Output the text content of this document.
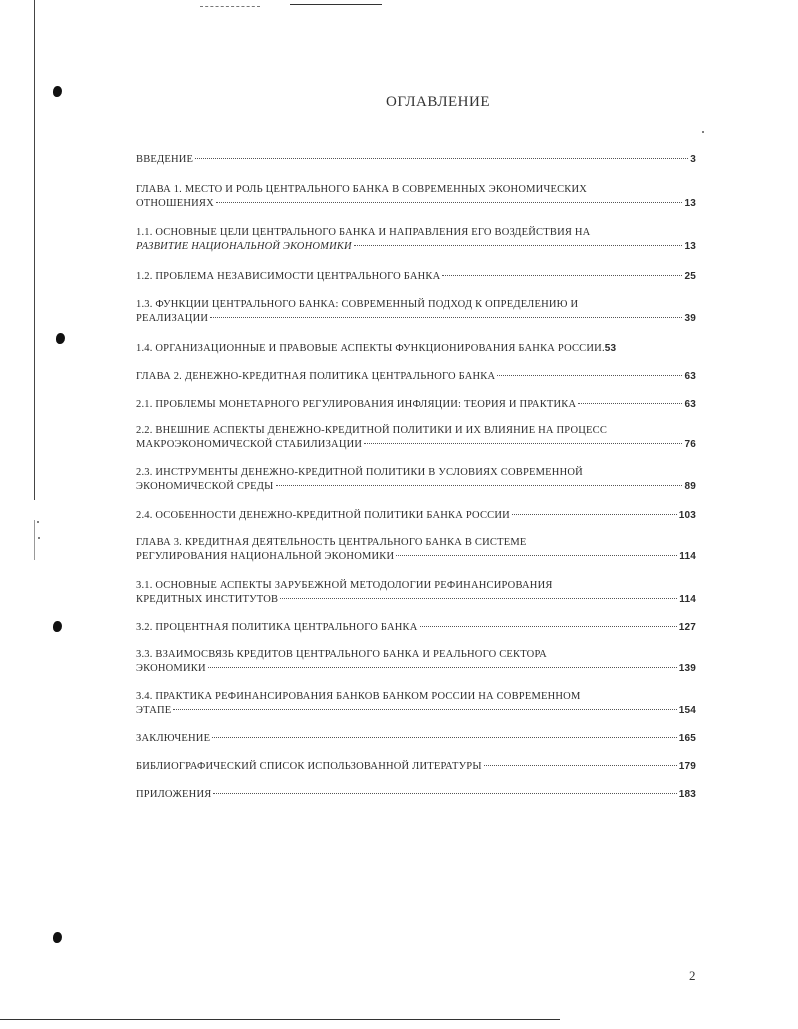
ОГЛАВЛЕНИЕ
ВВЕДЕНИЕ	3
ГЛАВА 1. МЕСТО И РОЛЬ ЦЕНТРАЛЬНОГО БАНКА В СОВРЕМЕННЫХ ЭКОНОМИЧЕСКИХ
ОТНОШЕНИЯХ	13
1.1. ОСНОВНЫЕ ЦЕЛИ ЦЕНТРАЛЬНОГО БАНКА И НАПРАВЛЕНИЯ ЕГО ВОЗДЕЙСТВИЯ НА
РАЗВИТИЕ НАЦИОНАЛЬНОЙ ЭКОНОМИКИ	13
1.2. ПРОБЛЕМА НЕЗАВИСИМОСТИ ЦЕНТРАЛЬНОГО БАНКА	25
1.3. ФУНКЦИИ ЦЕНТРАЛЬНОГО БАНКА: СОВРЕМЕННЫЙ ПОДХОД К ОПРЕДЕЛЕНИЮ И
РЕАЛИЗАЦИИ	39
1.4. ОРГАНИЗАЦИОННЫЕ И ПРАВОВЫЕ АСПЕКТЫ ФУНКЦИОНИРОВАНИЯ БАНКА РОССИИ. 53
ГЛАВА 2. ДЕНЕЖНО-КРЕДИТНАЯ ПОЛИТИКА ЦЕНТРАЛЬНОГО БАНКА	63
2.1. ПРОБЛЕМЫ МОНЕТАРНОГО РЕГУЛИРОВАНИЯ ИНФЛЯЦИИ: ТЕОРИЯ И ПРАКТИКА	63
2.2. ВНЕШНИЕ АСПЕКТЫ ДЕНЕЖНО-КРЕДИТНОЙ ПОЛИТИКИ И ИХ ВЛИЯНИЕ НА ПРОЦЕСС
МАКРОЭКОНОМИЧЕСКОЙ СТАБИЛИЗАЦИИ	76
2.3. ИНСТРУМЕНТЫ ДЕНЕЖНО-КРЕДИТНОЙ ПОЛИТИКИ В УСЛОВИЯХ СОВРЕМЕННОЙ
ЭКОНОМИЧЕСКОЙ СРЕДЫ	89
2.4. ОСОБЕННОСТИ ДЕНЕЖНО-КРЕДИТНОЙ ПОЛИТИКИ БАНКА РОССИИ	103
ГЛАВА 3. КРЕДИТНАЯ ДЕЯТЕЛЬНОСТЬ ЦЕНТРАЛЬНОГО БАНКА В СИСТЕМЕ
РЕГУЛИРОВАНИЯ НАЦИОНАЛЬНОЙ ЭКОНОМИКИ	114
3.1. ОСНОВНЫЕ АСПЕКТЫ ЗАРУБЕЖНОЙ МЕТОДОЛОГИИ РЕФИНАНСИРОВАНИЯ
КРЕДИТНЫХ ИНСТИТУТОВ	114
3.2. ПРОЦЕНТНАЯ ПОЛИТИКА ЦЕНТРАЛЬНОГО БАНКА	127
3.3. ВЗАИМОСВЯЗЬ КРЕДИТОВ ЦЕНТРАЛЬНОГО БАНКА И РЕАЛЬНОГО СЕКТОРА
ЭКОНОМИКИ	139
3.4. ПРАКТИКА РЕФИНАНСИРОВАНИЯ БАНКОВ БАНКОМ РОССИИ НА СОВРЕМЕННОМ
ЭТАПЕ	154
ЗАКЛЮЧЕНИЕ	165
БИБЛИОГРАФИЧЕСКИЙ СПИСОК ИСПОЛЬЗОВАННОЙ ЛИТЕРАТУРЫ	179
ПРИЛОЖЕНИЯ	183
2
